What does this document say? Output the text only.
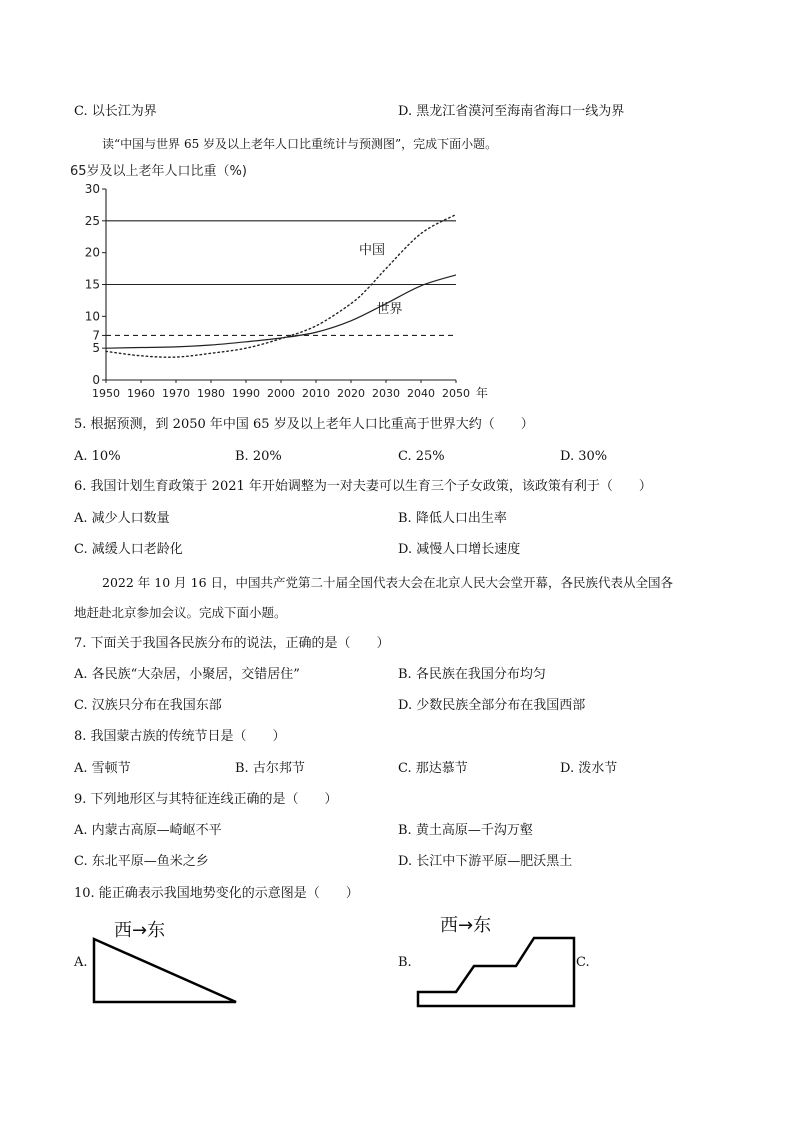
C. 以长江为界	D. 黑龙江省漠河至海南省海口一线为界
读“中国与世界 65 岁及以上老年人口比重统计与预测图”，完成下面小题。
65岁及以上老年人口比重（%)
0
5
7
10
15
20
25
30
1950 1960 1970 1980 1990 2000 2010 2020 2030 2040 2050 年
中国
世界
5. 根据预测，到 2050 年中国 65 岁及以上老年人口比重高于世界大约（　　）
A. 10%	B. 20%	C. 25%	D. 30%
6. 我国计划生育政策于 2021 年开始调整为一对夫妻可以生育三个子女政策，该政策有利于（　　）
A. 减少人口数量	B. 降低人口出生率
C. 减缓人口老龄化	D. 减慢人口增长速度
2022 年 10 月 16 日，中国共产党第二十届全国代表大会在北京人民大会堂开幕，各民族代表从全国各
地赶赴北京参加会议。完成下面小题。
7. 下面关于我国各民族分布的说法，正确的是（　　）
A. 各民族“大杂居，小聚居，交错居住”	B. 各民族在我国分布均匀
C. 汉族只分布在我国东部	D. 少数民族全部分布在我国西部
8. 我国蒙古族的传统节日是（　　）
A. 雪顿节	B. 古尔邦节	C. 那达慕节	D. 泼水节
9. 下列地形区与其特征连线正确的是（　　）
A. 内蒙古高原—崎岖不平	B. 黄土高原—千沟万壑
C. 东北平原—鱼米之乡	D. 长江中下游平原—肥沃黑土
10. 能正确表示我国地势变化的示意图是（　　）
A.
西→东
B.
西→东
C.
